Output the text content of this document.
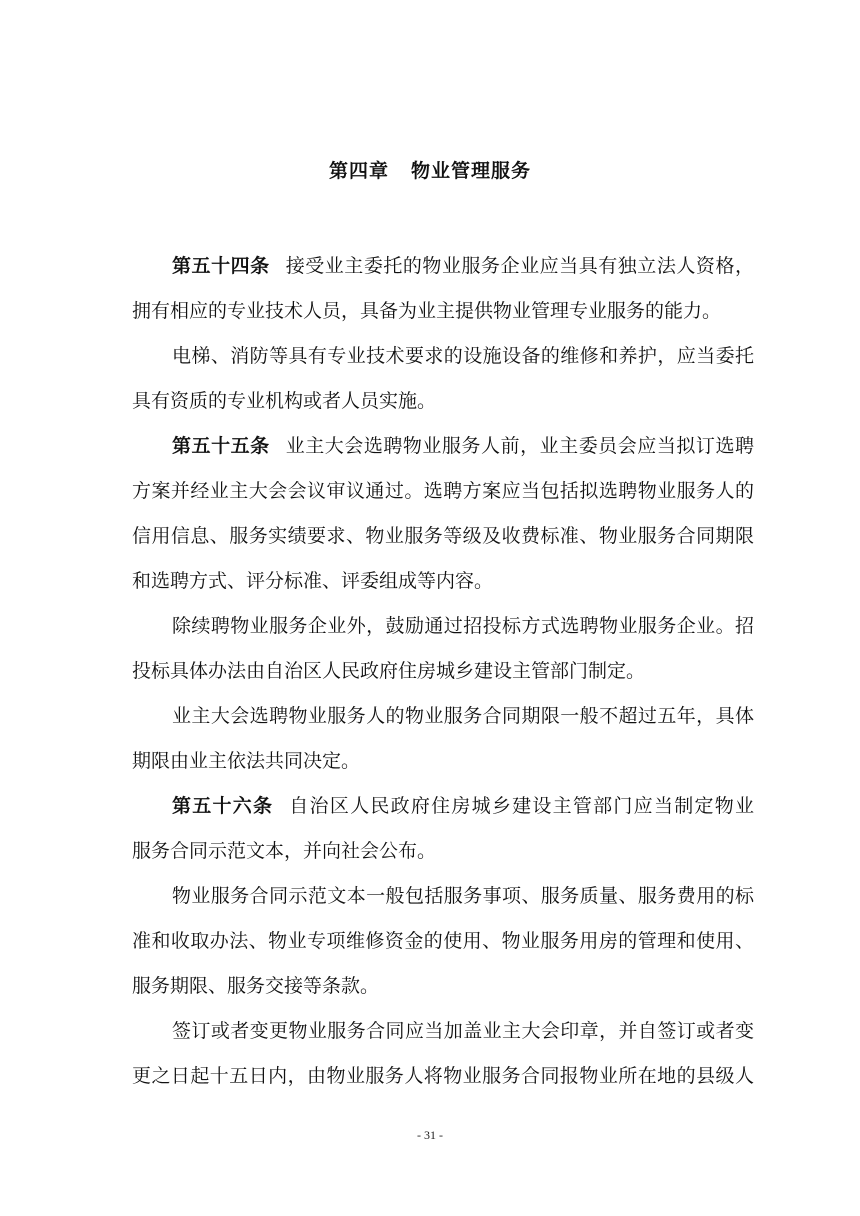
第四章 物业管理服务

第五十四条 接受业主委托的物业服务企业应当具有独立法人资格，
拥有相应的专业技术人员，具备为业主提供物业管理专业服务的能力。

电梯、消防等具有专业技术要求的设施设备的维修和养护，应当委托
具有资质的专业机构或者人员实施。

第五十五条 业主大会选聘物业服务人前，业主委员会应当拟订选聘
方案并经业主大会会议审议通过。选聘方案应当包括拟选聘物业服务人的
信用信息、服务实绩要求、物业服务等级及收费标准、物业服务合同期限
和选聘方式、评分标准、评委组成等内容。

除续聘物业服务企业外，鼓励通过招投标方式选聘物业服务企业。招
投标具体办法由自治区人民政府住房城乡建设主管部门制定。

业主大会选聘物业服务人的物业服务合同期限一般不超过五年，具体
期限由业主依法共同决定。

第五十六条 自治区人民政府住房城乡建设主管部门应当制定物业
服务合同示范文本，并向社会公布。

物业服务合同示范文本一般包括服务事项、服务质量、服务费用的标
准和收取办法、物业专项维修资金的使用、物业服务用房的管理和使用、
服务期限、服务交接等条款。

签订或者变更物业服务合同应当加盖业主大会印章，并自签订或者变
更之日起十五日内，由物业服务人将物业服务合同报物业所在地的县级人

- 31 -
